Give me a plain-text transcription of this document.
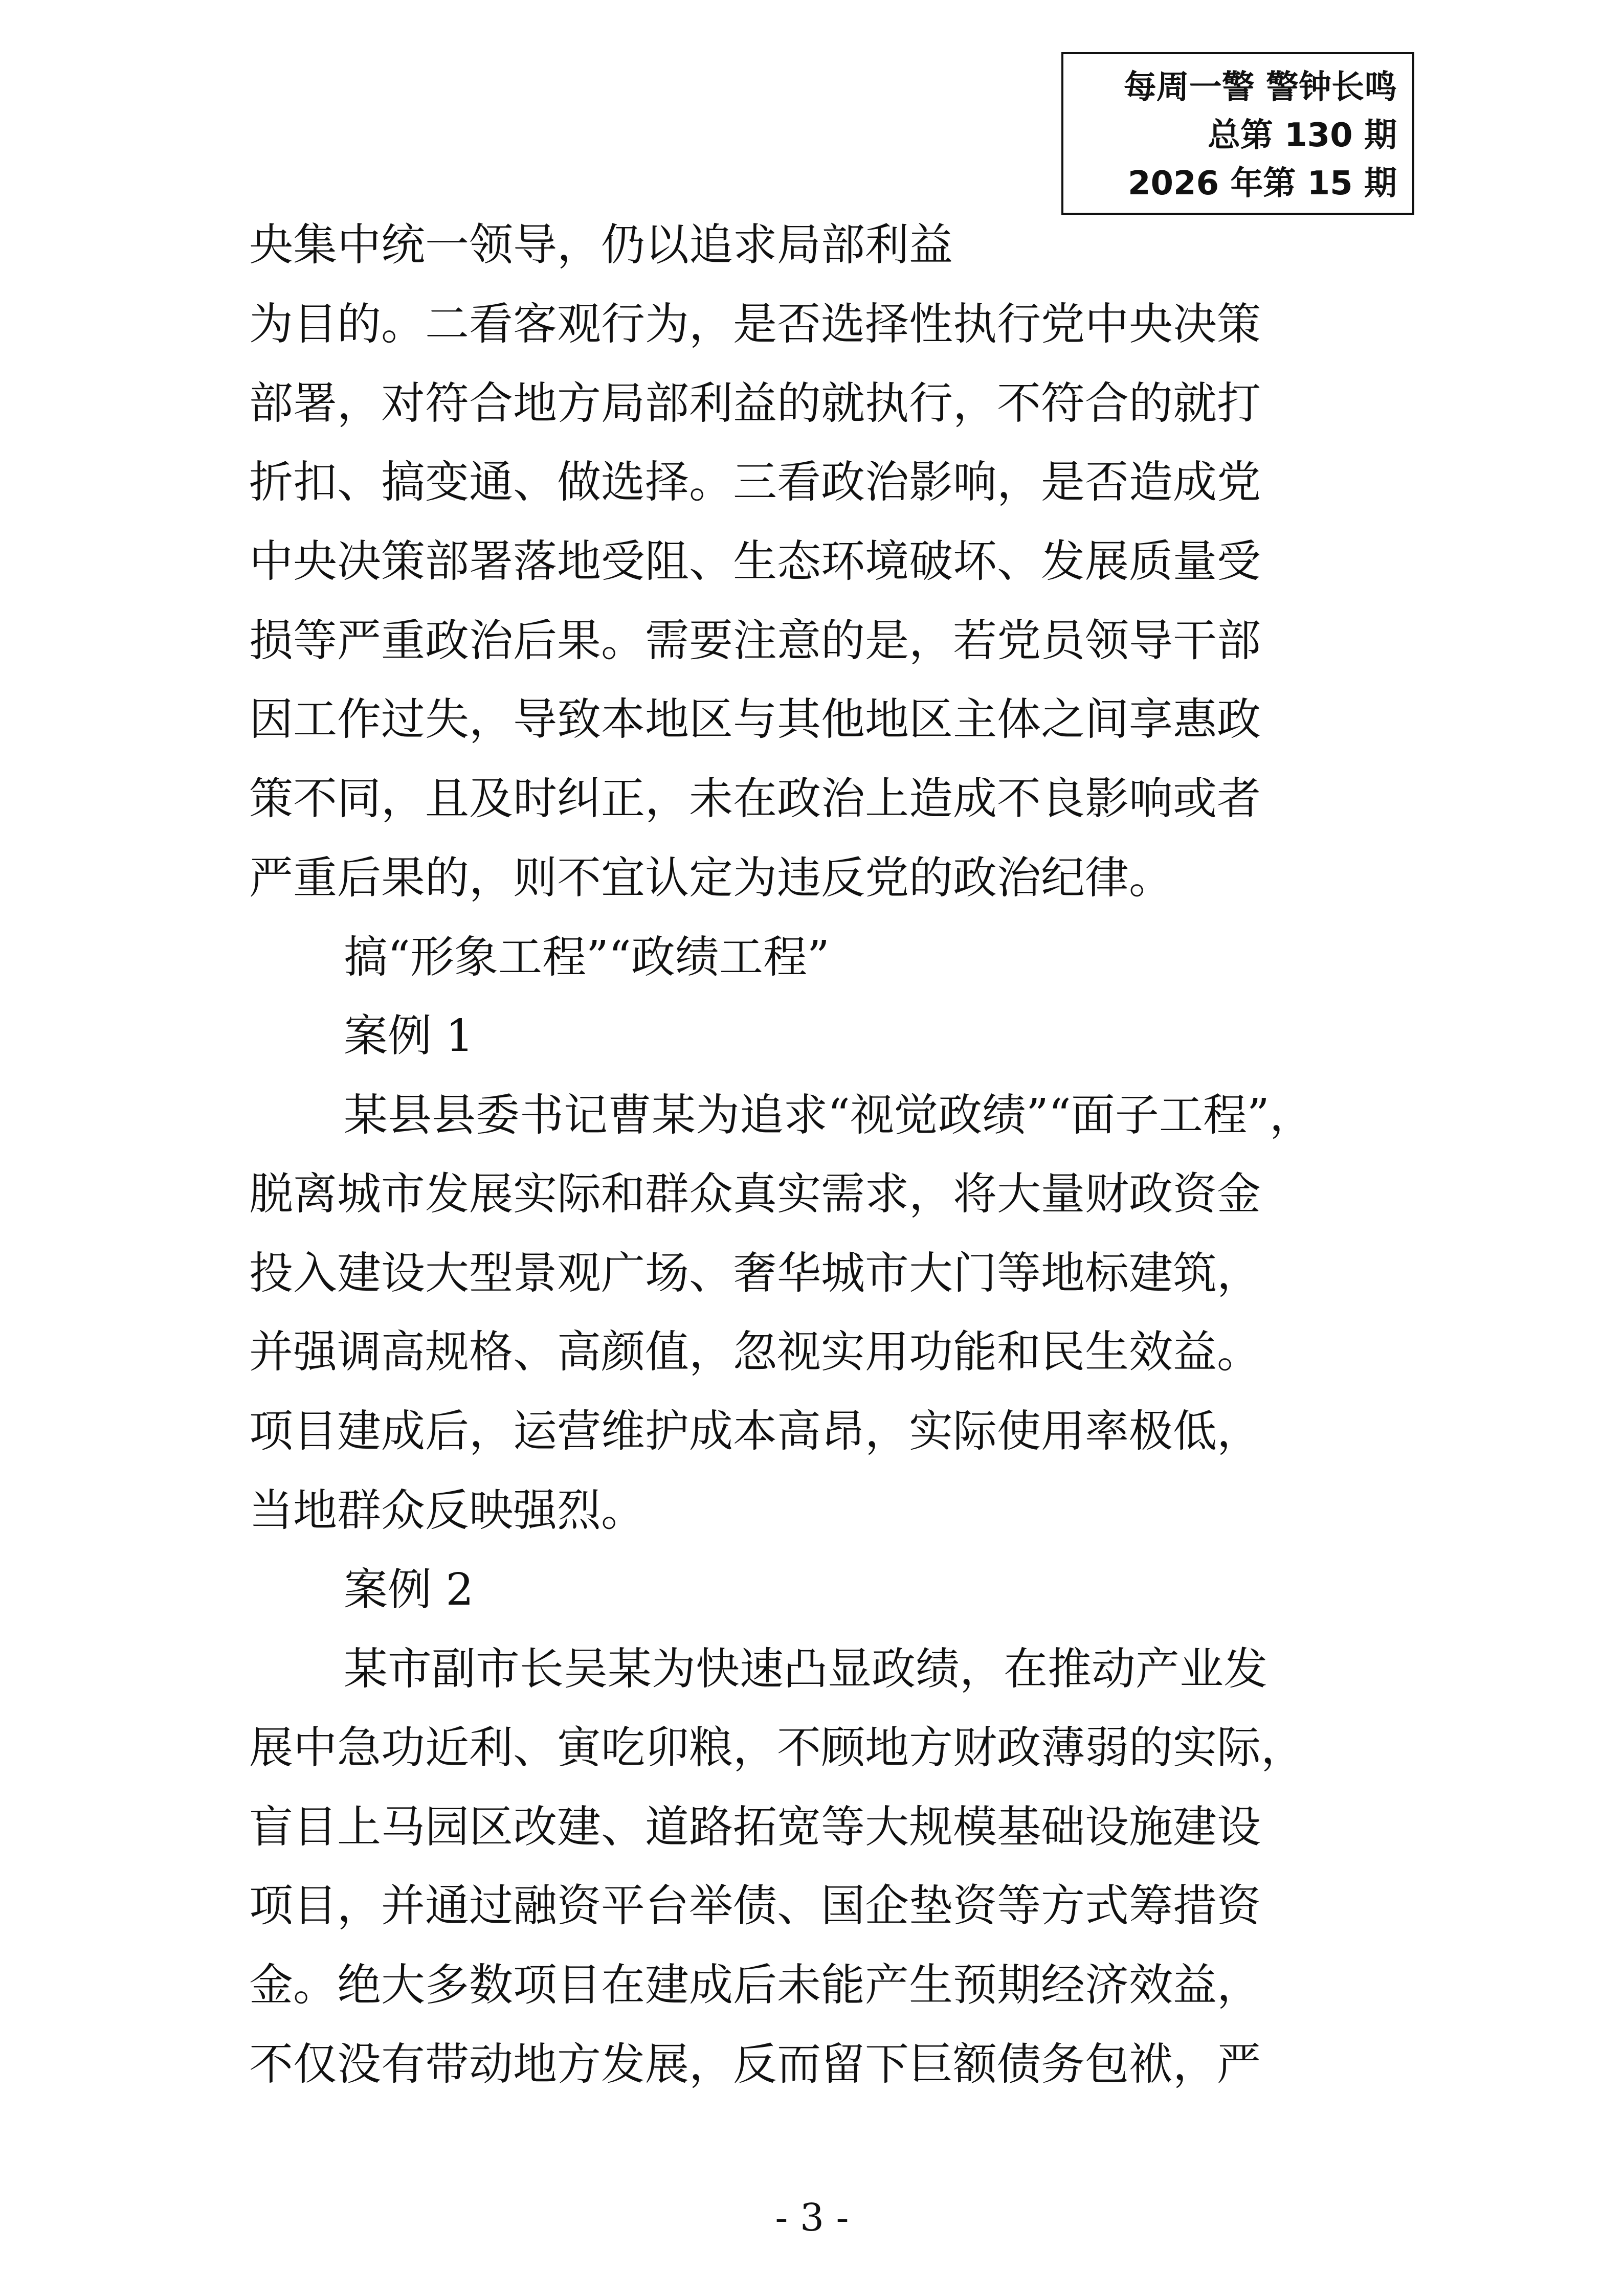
每周一警 警钟长鸣
总第 130 期
2026 年第 15 期
央集中统一领导，仍以追求局部利益
为目的。二看客观行为，是否选择性执行党中央决策
部署，对符合地方局部利益的就执行，不符合的就打
折扣、搞变通、做选择。三看政治影响，是否造成党
中央决策部署落地受阻、生态环境破坏、发展质量受
损等严重政治后果。需要注意的是，若党员领导干部
因工作过失，导致本地区与其他地区主体之间享惠政
策不同，且及时纠正，未在政治上造成不良影响或者
严重后果的，则不宜认定为违反党的政治纪律。
搞“形象工程”“政绩工程”
案例 1
某县县委书记曹某为追求“视觉政绩”“面子工程”，
脱离城市发展实际和群众真实需求，将大量财政资金
投入建设大型景观广场、奢华城市大门等地标建筑，
并强调高规格、高颜值，忽视实用功能和民生效益。
项目建成后，运营维护成本高昂，实际使用率极低，
当地群众反映强烈。
案例 2
某市副市长吴某为快速凸显政绩，在推动产业发
展中急功近利、寅吃卯粮，不顾地方财政薄弱的实际，
盲目上马园区改建、道路拓宽等大规模基础设施建设
项目，并通过融资平台举债、国企垫资等方式筹措资
金。绝大多数项目在建成后未能产生预期经济效益，
不仅没有带动地方发展，反而留下巨额债务包袱，严
- 3 -
